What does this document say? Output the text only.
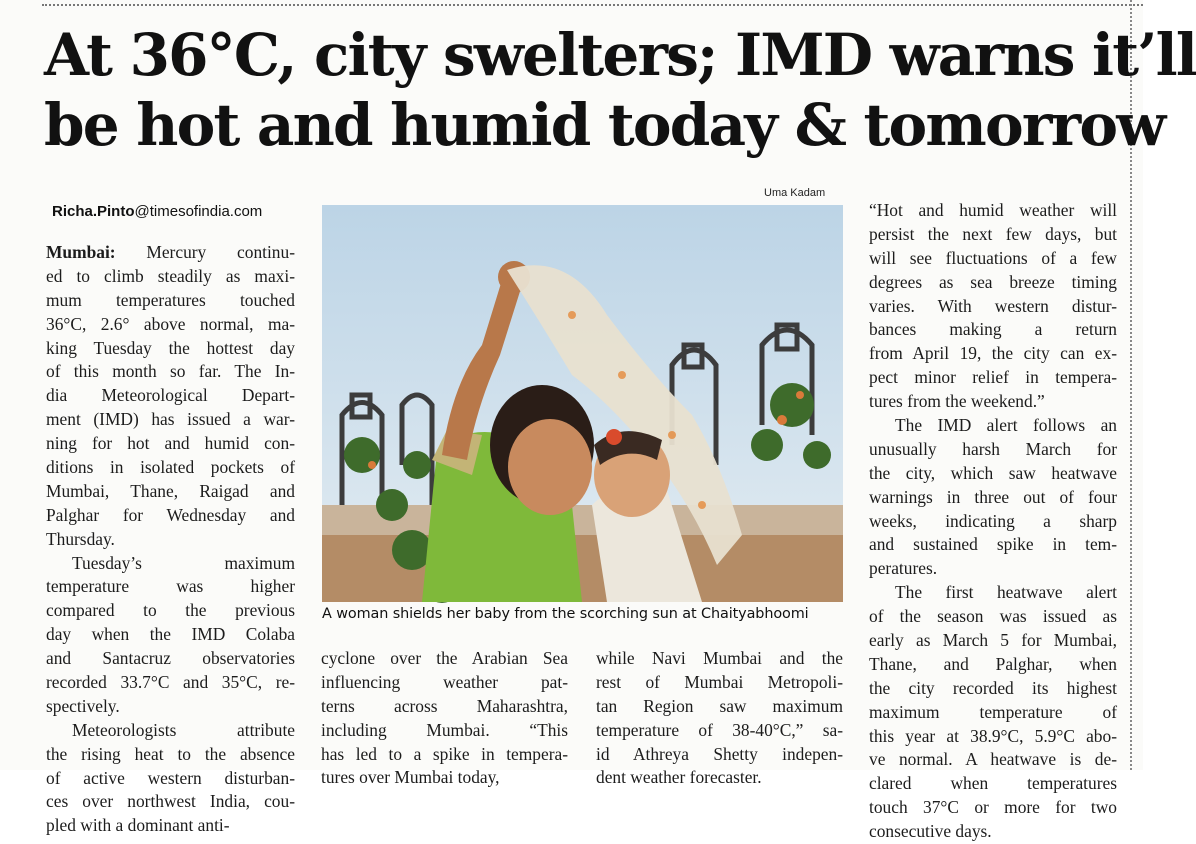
At 36°C, city swelters; IMD warns it’ll
be hot and humid today & tomorrow
Richa.Pinto@timesofindia.com
Mumbai: Mercury continu-
ed to climb steadily as maxi-
mum temperatures touched
36°C, 2.6° above normal, ma-
king Tuesday the hottest day
of this month so far. The In-
dia Meteorological Depart-
ment (IMD) has issued a war-
ning for hot and humid con-
ditions in isolated pockets of
Mumbai, Thane, Raigad and
Palghar for Wednesday and
Thursday.
Tuesday’s maximum
temperature was higher
compared to the previous
day when the IMD Colaba
and Santacruz observatories
recorded 33.7°C and 35°C, re-
spectively.
Meteorologists attribute
the rising heat to the absence
of active western disturban-
ces over northwest India, cou-
pled with a dominant anti-
Uma Kadam
A woman shields her baby from the scorching sun at Chaityabhoomi
cyclone over the Arabian Sea
influencing weather pat-
terns across Maharashtra,
including Mumbai. “This
has led to a spike in tempera-
tures over Mumbai today,
while Navi Mumbai and the
rest of Mumbai Metropoli-
tan Region saw maximum
temperature of 38-40°C,” sa-
id Athreya Shetty indepen-
dent weather forecaster.
“Hot and humid weather will
persist the next few days, but
will see fluctuations of a few
degrees as sea breeze timing
varies. With western distur-
bances making a return
from April 19, the city can ex-
pect minor relief in tempera-
tures from the weekend.”
The IMD alert follows an
unusually harsh March for
the city, which saw heatwave
warnings in three out of four
weeks, indicating a sharp
and sustained spike in tem-
peratures.
The first heatwave alert
of the season was issued as
early as March 5 for Mumbai,
Thane, and Palghar, when
the city recorded its highest
maximum temperature of
this year at 38.9°C, 5.9°C abo-
ve normal. A heatwave is de-
clared when temperatures
touch 37°C or more for two
consecutive days.
